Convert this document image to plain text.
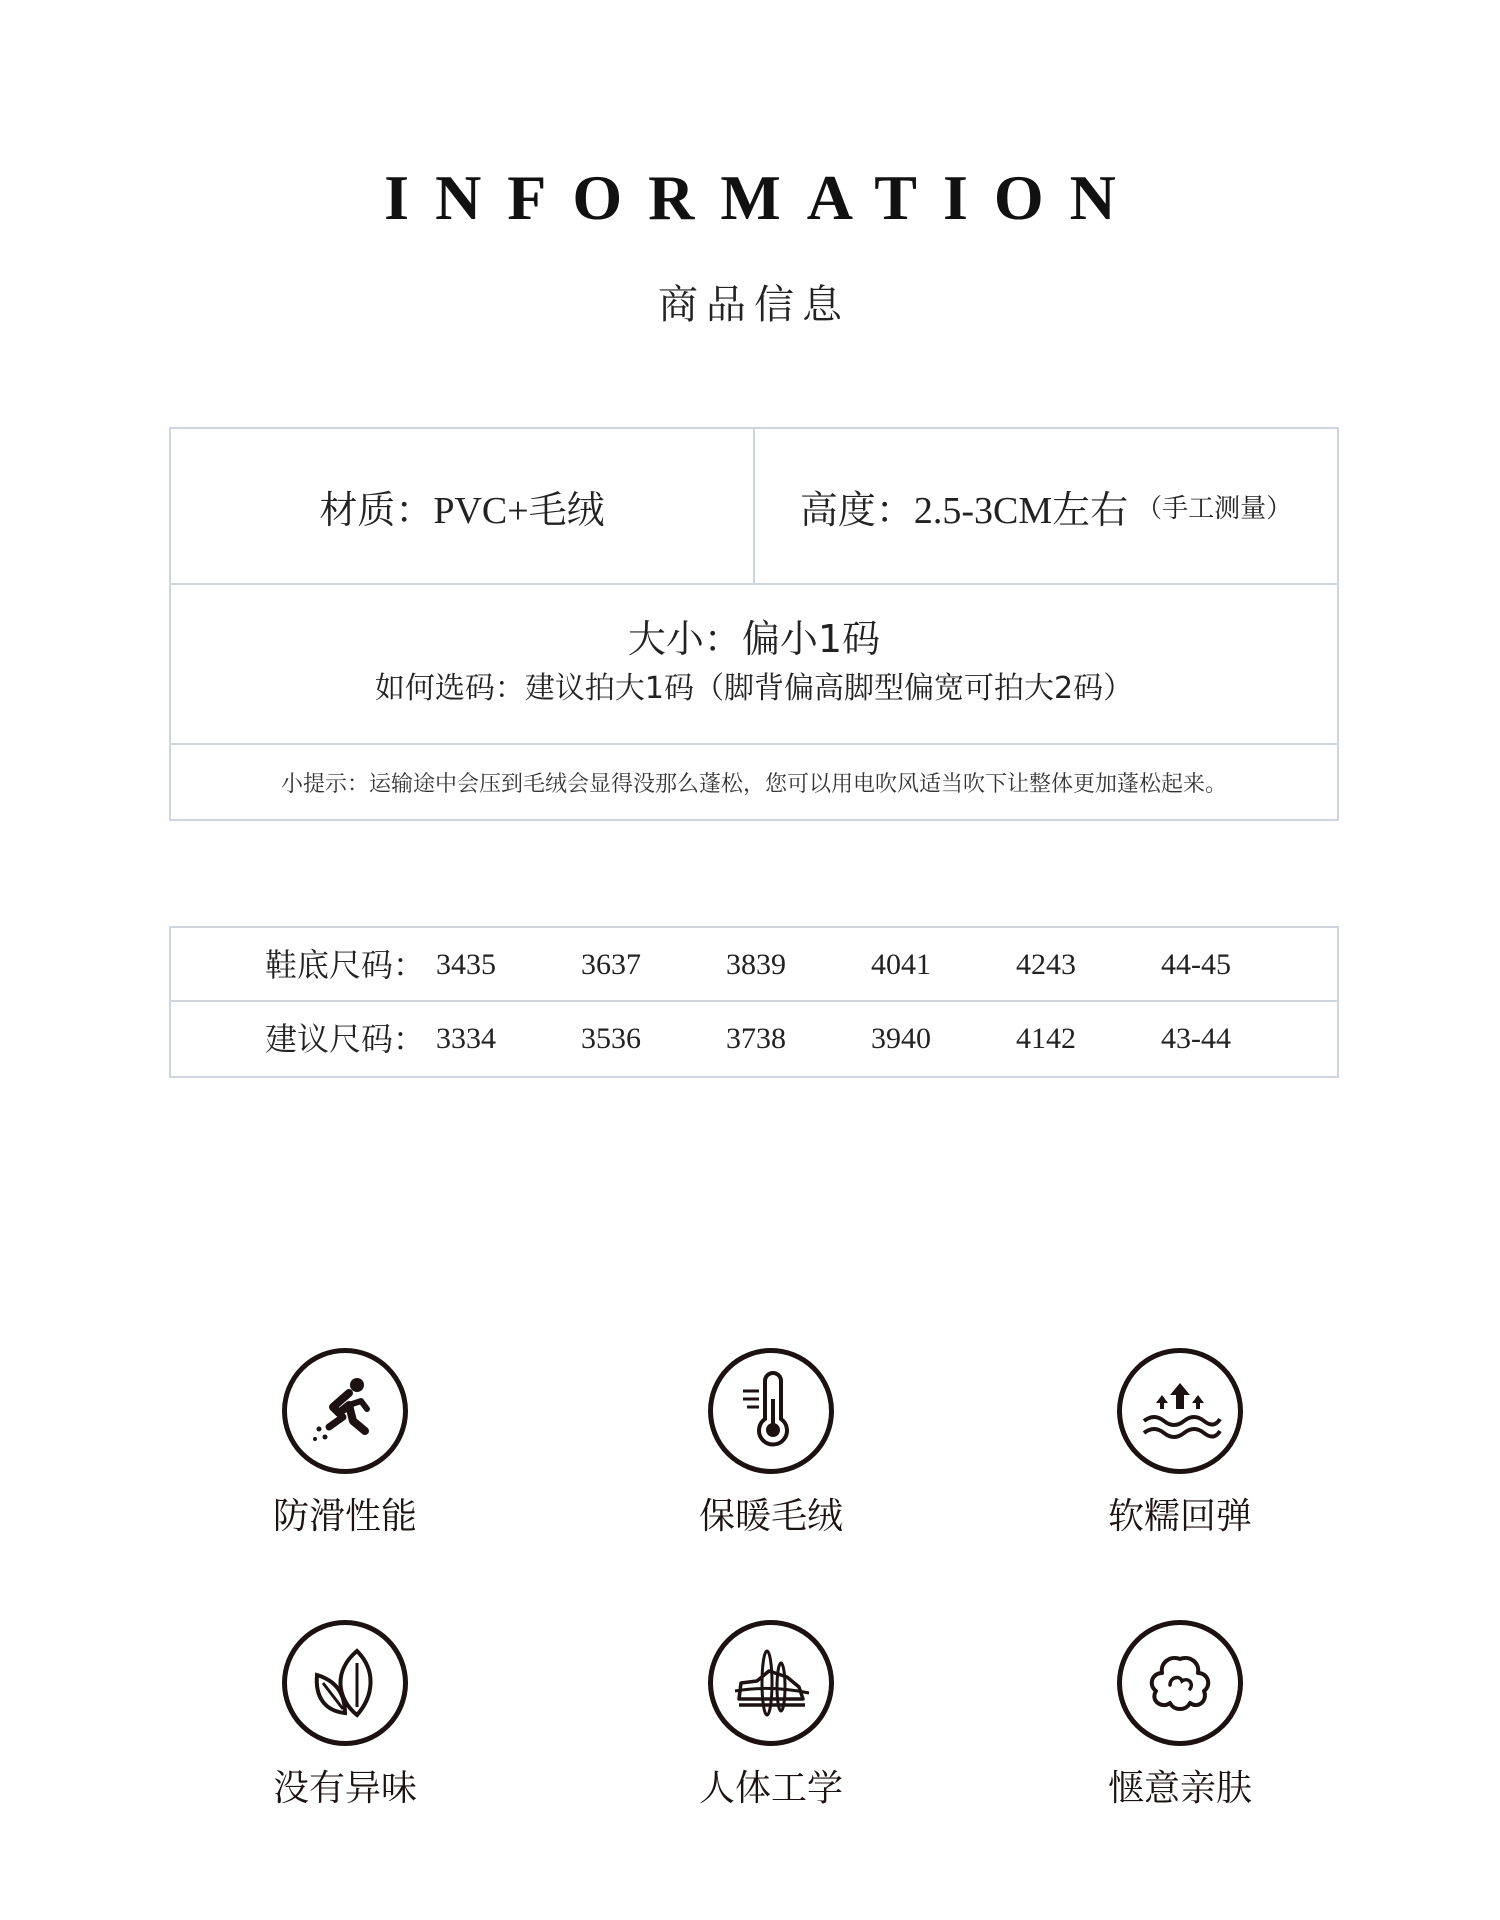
INFORMATION
商品信息
材质： PVC+毛绒	高度： 2.5-3CM左右 （手工测量）
大小：偏小1码
如何选码：建议拍大1码（脚背偏高脚型偏宽可拍大2码）
小提示：运输途中会压到毛绒会显得没那么蓬松，您可以用电吹风适当吹下让整体更加蓬松起来。
鞋底尺码： 3435	3637	3839	4041	4243	44-45
建议尺码： 3334	3536	3738	3940	4142	43-44
防滑性能	保暖毛绒	软糯回弹
没有异味	人体工学	惬意亲肤
